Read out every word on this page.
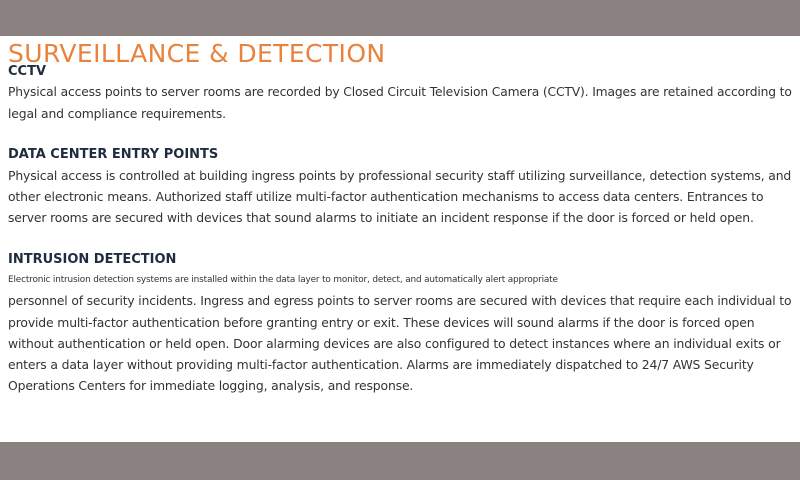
SURVEILLANCE & DETECTION
CCTV

Physical access points to server rooms are recorded by Closed Circuit Television Camera (CCTV). Images are retained according to
legal and compliance requirements.

DATA CENTER ENTRY POINTS

Physical access is controlled at building ingress points by professional security staff utilizing surveillance, detection systems, and
other electronic means. Authorized staff utilize multi-factor authentication mechanisms to access data centers. Entrances to
server rooms are secured with devices that sound alarms to initiate an incident response if the door is forced or held open.

INTRUSION DETECTION

Electronic intrusion detection systems are installed within the data layer to monitor, detect, and automatically alert appropriate
personnel of security incidents. Ingress and egress points to server rooms are secured with devices that require each individual to
provide multi-factor authentication before granting entry or exit. These devices will sound alarms if the door is forced open
without authentication or held open. Door alarming devices are also configured to detect instances where an individual exits or
enters a data layer without providing multi-factor authentication. Alarms are immediately dispatched to 24/7 AWS Security
Operations Centers for immediate logging, analysis, and response.
